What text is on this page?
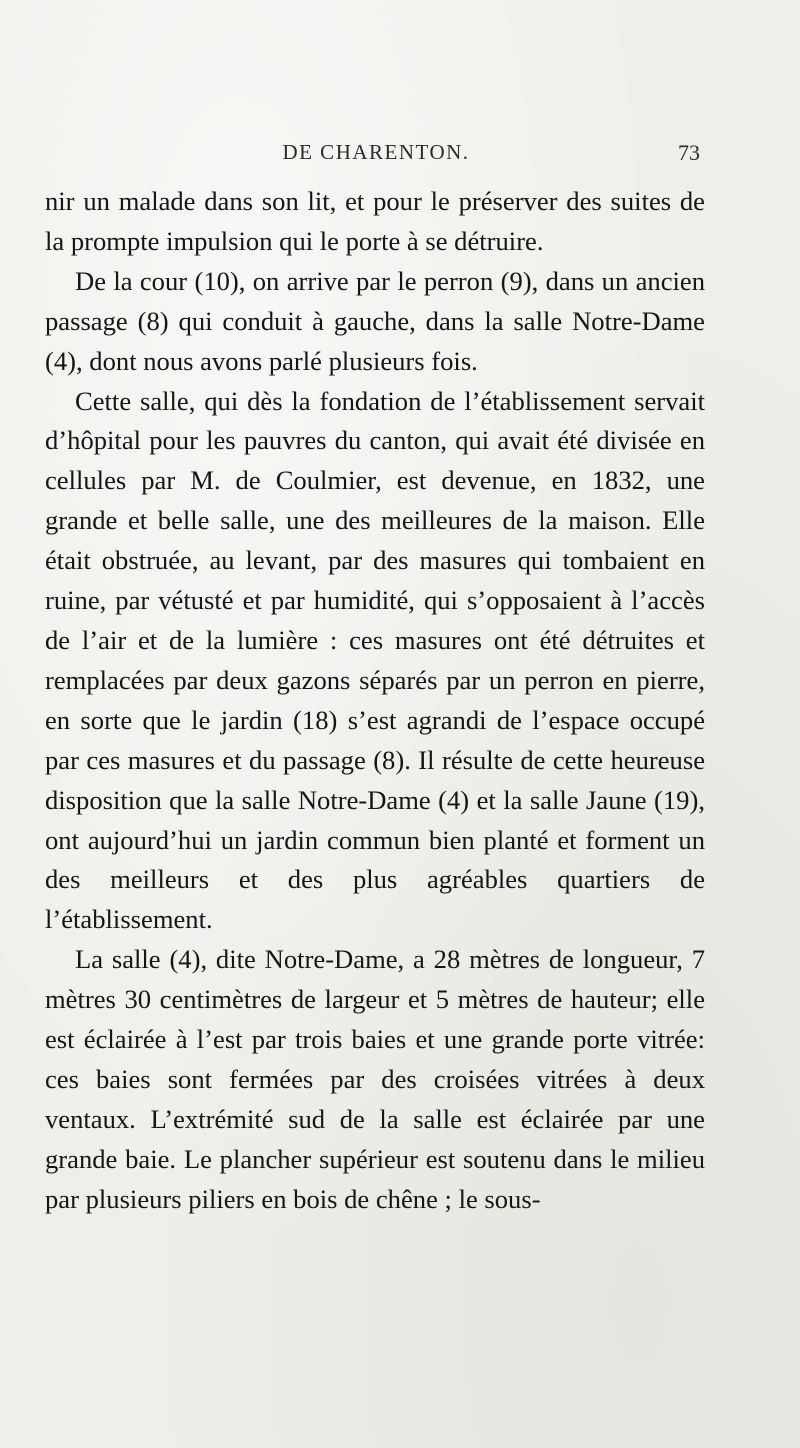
DE CHARENTON.	73

nir un malade dans son lit, et pour le préserver des suites de la prompte impulsion qui le porte à se détruire.

De la cour (10), on arrive par le perron (9), dans un ancien passage (8) qui conduit à gauche, dans la salle Notre-Dame (4), dont nous avons parlé plusieurs fois.

Cette salle, qui dès la fondation de l’établissement servait d’hôpital pour les pauvres du canton, qui avait été divisée en cellules par M. de Coulmier, est devenue, en 1832, une grande et belle salle, une des meilleures de la maison. Elle était obstruée, au levant, par des masures qui tombaient en ruine, par vétusté et par humidité, qui s’opposaient à l’accès de l’air et de la lumière : ces masures ont été détruites et remplacées par deux gazons séparés par un perron en pierre, en sorte que le jardin (18) s’est agrandi de l’espace occupé par ces masures et du passage (8). Il résulte de cette heureuse disposition que la salle Notre-Dame (4) et la salle Jaune (19), ont aujourd’hui un jardin commun bien planté et forment un des meilleurs et des plus agréables quartiers de l’établissement.

La salle (4), dite Notre-Dame, a 28 mètres de longueur, 7 mètres 30 centimètres de largeur et 5 mètres de hauteur; elle est éclairée à l’est par trois baies et une grande porte vitrée: ces baies sont fermées par des croisées vitrées à deux ventaux. L’extrémité sud de la salle est éclairée par une grande baie. Le plancher supérieur est soutenu dans le milieu par plusieurs piliers en bois de chêne ; le sous-
